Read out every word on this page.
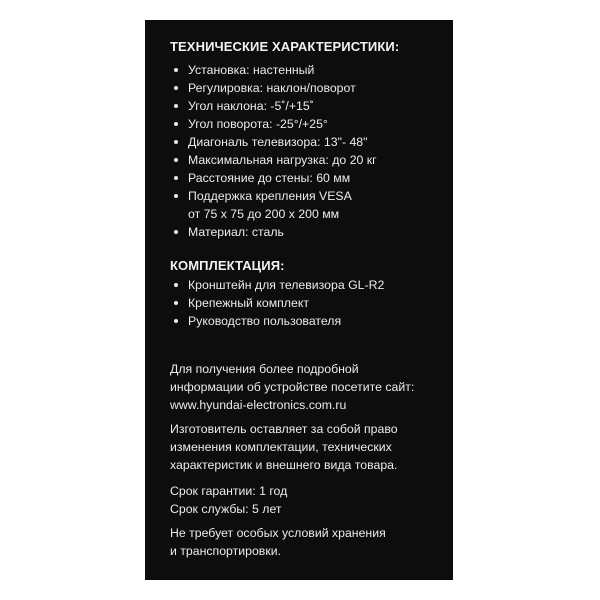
ТЕХНИЧЕСКИЕ ХАРАКТЕРИСТИКИ:
Установка: настенный
Регулировка: наклон/поворот
Угол наклона: -5˚/+15˚
Угол поворота: -25°/+25°
Диагональ телевизора: 13"- 48"
Максимальная нагрузка: до 20 кг
Расстояние до стены: 60 мм
Поддержка крепления VESA
от 75 х 75 до 200 х 200 мм
Материал: сталь
КОМПЛЕКТАЦИЯ:
Кронштейн для телевизора GL-R2
Крепежный комплект
Руководство пользователя

Для получения более подробной

информации об устройстве посетите сайт:

www.hyundai-electronics.com.ru

Изготовитель оставляет за собой право

изменения комплектации, технических

характеристик и внешнего вида товара.

Срок гарантии: 1 год

Срок службы: 5 лет

Не требует особых условий хранения

и транспортировки.
